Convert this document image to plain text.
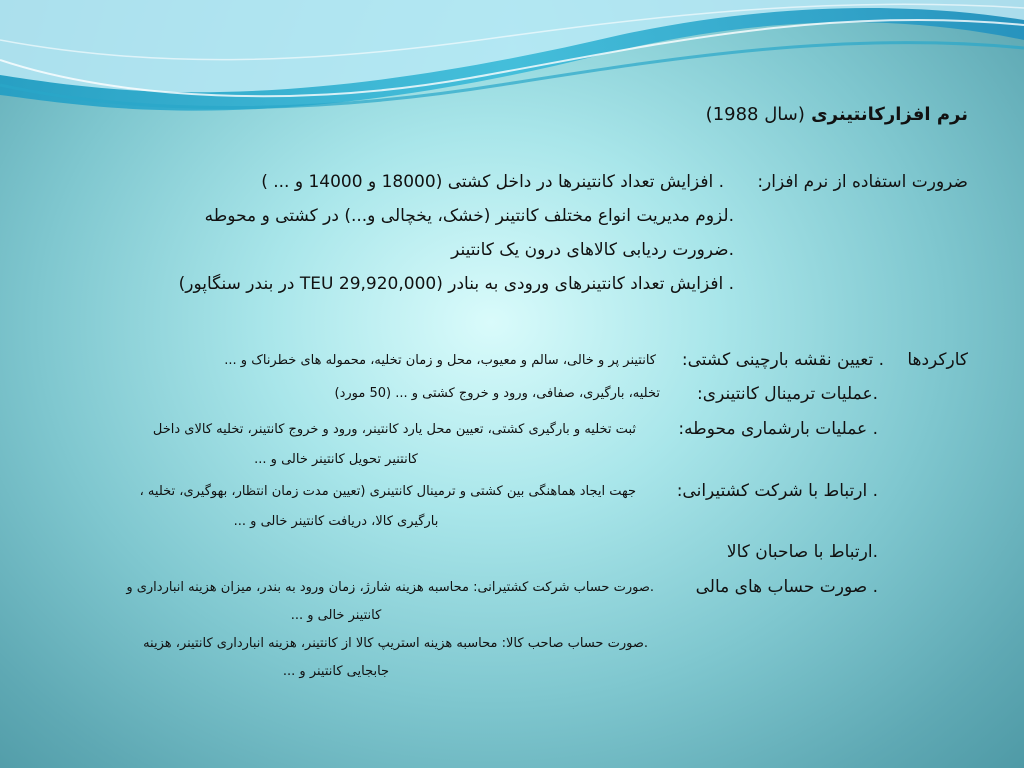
نرم افزارکانتینری (سال 1988)
ضرورت استفاده از نرم افزار:
. افزایش تعداد کانتینرها در داخل کشتی (18000 و 14000 و ... )
.لزوم مدیریت انواع مختلف کانتینر (خشک، یخچالی و...) در کشتی و محوطه
.ضرورت ردیابی کالاهای درون یک کانتینر
. افزایش تعداد کانتینرهای ورودی به بنادر (29,920,000 TEU در بندر سنگاپور)
کارکردها
. تعیین نقشه بارچینی کشتی:
کانتینر پر و خالی، سالم و معیوب، محل و زمان تخلیه، محموله های خطرناک و ...
.عملیات ترمینال کانتینری:
تخلیه، بارگیری، صفافی، ورود و خروج کشتی و ... (50 مورد)
. عملیات بارشماری محوطه:
ثبت تخلیه و بارگیری کشتی، تعیین محل یارد کانتینر، ورود و خروج کانتینر، تخلیه کالای داخل
کانتنیر تحویل کانتینر خالی و ...
. ارتباط با شرکت کشتیرانی:
جهت ایجاد هماهنگی بین کشتی و ترمینال کانتینری (تعیین مدت زمان انتظار، بهوگیری، تخلیه ،
بارگیری کالا، دریافت کانتینر خالی و ...
.ارتباط با صاحبان کالا
. صورت حساب های مالی
.صورت حساب شرکت کشتیرانی: محاسبه هزینه شارژ، زمان ورود به بندر، میزان هزینه انبارداری و
کانتینر خالی و ...
.صورت حساب صاحب کالا: محاسبه هزینه استریپ کالا از کانتینر، هزینه انبارداری کانتینر، هزینه
جابجایی کانتینر و ...
